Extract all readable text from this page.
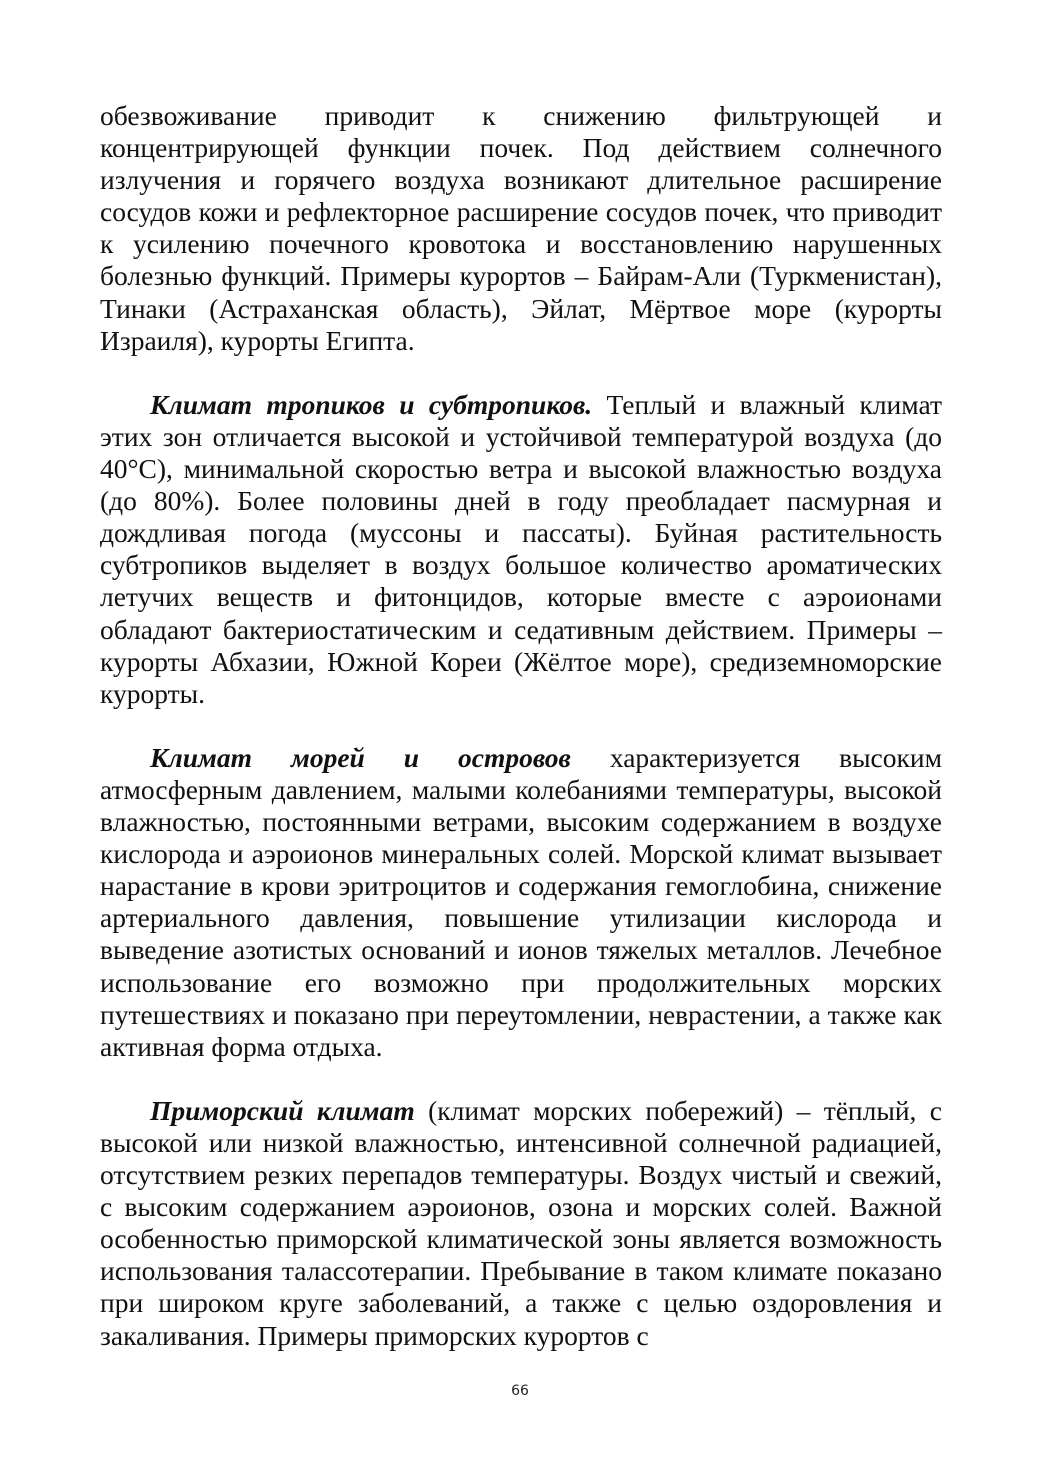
обезвоживание приводит к снижению фильтрующей и концентрирующей функции почек. Под действием солнечного излучения и горячего воздуха возникают длительное расширение сосудов кожи и рефлекторное расширение сосудов почек, что приводит к усилению почечного кровотока и восстановлению нарушенных болезнью функций. Примеры курортов – Байрам-Али (Туркменистан), Тинаки (Астраханская область), Эйлат, Мёртвое море (курорты Израиля), курорты Египта.

Климат тропиков и субтропиков. Теплый и влажный климат этих зон отличается высокой и устойчивой температурой воздуха (до 40°С), минимальной скоростью ветра и высокой влажностью воздуха (до 80%). Более половины дней в году преобладает пасмурная и дождливая погода (муссоны и пассаты). Буйная растительность субтропиков выделяет в воздух большое количество ароматических летучих веществ и фитонцидов, которые вместе с аэроионами обладают бактериостатическим и седативным действием. Примеры – курорты Абхазии, Южной Кореи (Жёлтое море), средиземноморские курорты.

Климат морей и островов характеризуется высоким атмосферным давлением, малыми колебаниями температуры, высокой влажностью, постоянными ветрами, высоким содержанием в воздухе кислорода и аэроионов минеральных солей. Морской климат вызывает нарастание в крови эритроцитов и содержания гемоглобина, снижение артериального давления, повышение утилизации кислорода и выведение азотистых оснований и ионов тяжелых металлов. Лечебное использование его возможно при продолжительных морских путешествиях и показано при переутомлении, неврастении, а также как активная форма отдыха.

Приморский климат (климат морских побережий) – тёплый, с высокой или низкой влажностью, интенсивной солнечной радиацией, отсутствием резких перепадов температуры. Воздух чистый и свежий, с высоким содержанием аэроионов, озона и морских солей. Важной особенностью приморской климатической зоны является возможность использования талассотерапии. Пребывание в таком климате показано при широком круге заболеваний, а также с целью оздоровления и закаливания. Примеры приморских курортов с

66
